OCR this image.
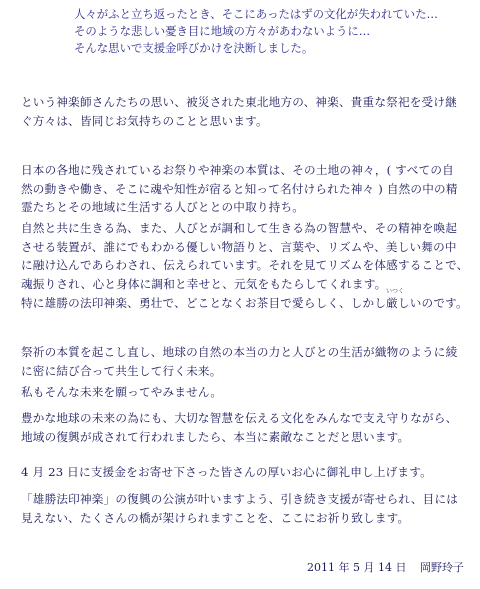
人々がふと立ち返ったとき、そこにあったはずの文化が失われていた…
そのような悲しい憂き目に地域の方々があわないように…
そんな思いで支援金呼びかけを決断しました。
という神楽師さんたちの思い、被災された東北地方の、神楽、貴重な祭祀を受け継
ぐ方々は、皆同じお気持ちのことと思います。
日本の各地に残されているお祭りや神楽の本質は、その土地の神々，( すべての自
然の動きや働き、そこに魂や知性が宿ると知って名付けられた神々 ) 自然の中の精
霊たちとその地域に生活する人びととの中取り持ち。
自然と共に生きる為、また、人びとが調和して生きる為の智慧や、その精神を喚起
させる装置が、誰にでもわかる優しい物語りと、言葉や、リズムや、美しい舞の中
に融け込んであらわされ、伝えられています。それを見てリズムを体感することで、
魂振りされ、心と身体に調和と幸せと、元気をもたらしてくれます。
いつく
特に雄勝の法印神楽、勇壮で、どことなくお茶目で愛らしく、しかし厳しいのです。
祭祈の本質を起こし直し、地球の自然の本当の力と人びとの生活が織物のように綾
に密に結び合って共生して行く未来。
私もそんな未来を願ってやみません。
豊かな地球の未来の為にも、大切な智慧を伝える文化をみんなで支え守りながら、
地域の復興が成されて行われましたら、本当に素敵なことだと思います。
4 月 23 日に支援金をお寄せ下さった皆さんの厚いお心に御礼申し上げます。
「雄勝法印神楽」の復興の公演が叶いますよう、引き続き支援が寄せられ、目には
見えない、たくさんの橋が架けられますことを、ここにお祈り致します。
2011 年 5 月 14 日 岡野玲子
